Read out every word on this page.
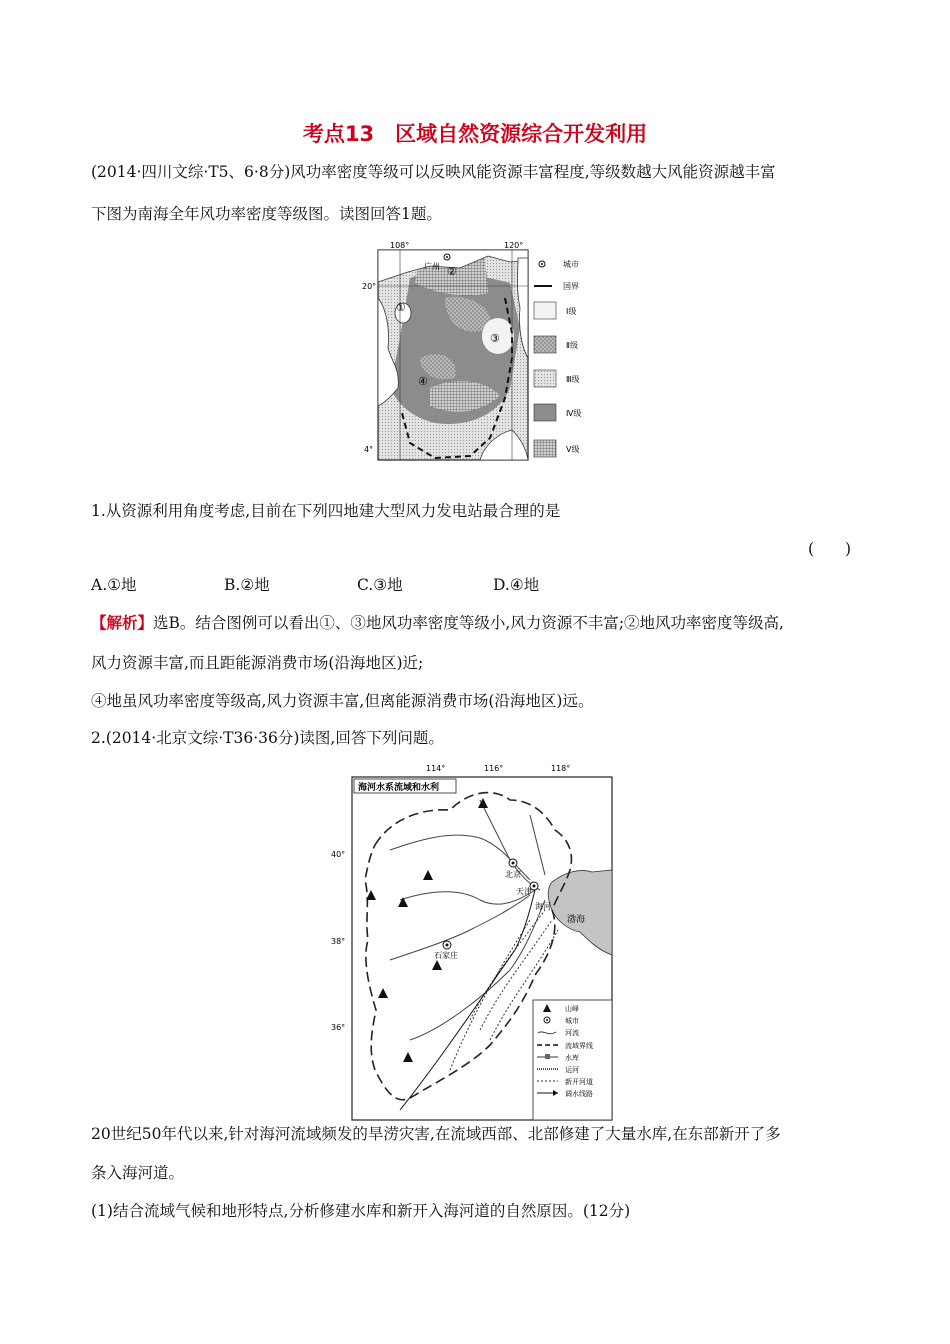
考点13　区域自然资源综合开发利用
(2014·四川文综·T5、6·8分)风功率密度等级可以反映风能资源丰富程度,等级数越大风能资源越丰富
下图为南海全年风功率密度等级图。读图回答1题。
108°	120°
20°
4°
广州
①
②
③
④
城市
国界
Ⅰ级
Ⅱ级
Ⅲ级
Ⅳ级
Ⅴ级
1.从资源利用角度考虑,目前在下列四地建大型风力发电站最合理的是
(　　)
A.①地	B.②地	C.③地	D.④地
【解析】选B。结合图例可以看出①、③地风功率密度等级小,风力资源不丰富;②地风功率密度等级高,
风力资源丰富,而且距能源消费市场(沿海地区)近;
④地虽风功率密度等级高,风力资源丰富,但离能源消费市场(沿海地区)远。
2.(2014·北京文综·T36·36分)读图,回答下列问题。
114°	116°	118°
40°
38°
36°
海河水系流域和水利
渤海
北京
天津
石家庄
海河
山峰
城市
河流
流域界线
水库
运河
新开河道
调水线路
20世纪50年代以来,针对海河流域频发的旱涝灾害,在流域西部、北部修建了大量水库,在东部新开了多
条入海河道。
(1)结合流域气候和地形特点,分析修建水库和新开入海河道的自然原因。(12分)
